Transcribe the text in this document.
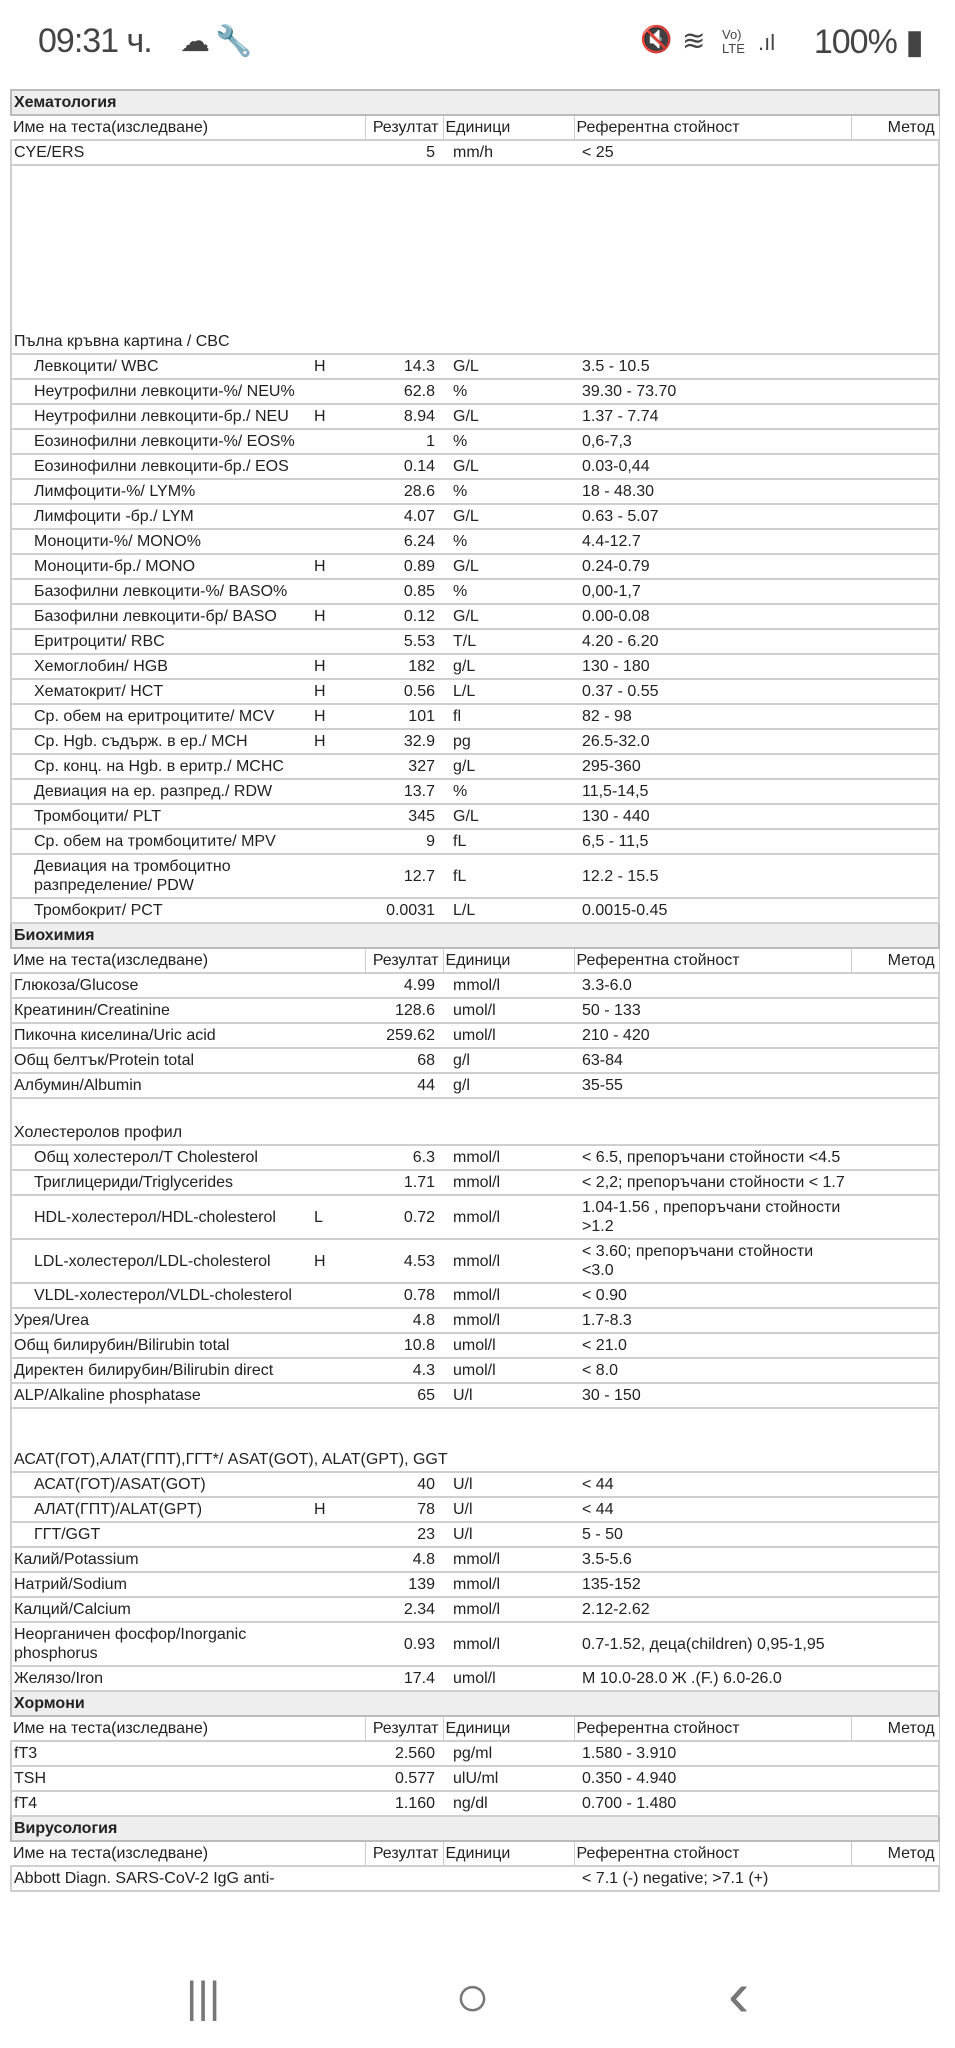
09:31 ч. ☁ 🔧	🔇 ≋ Vo)
LTE .ıl 100% ▮
Хематология					
Име на теста(изследване)		Резултат	Единици	Референтна стойност	Метод
CYE/ERS		5	mm/h	< 25	
Пълна кръвна картина / CBC					
Левкоцити/ WBC	H	14.3	G/L	3.5 - 10.5	
Неутрофилни левкоцити-%/ NEU%		62.8	%	39.30 - 73.70	
Неутрофилни левкоцити-бр./ NEU	H	8.94	G/L	1.37 - 7.74	
Еозинофилни левкоцити-%/ EOS%		1	%	0,6-7,3	
Еозинофилни левкоцити-бр./ EOS		0.14	G/L	0.03-0,44	
Лимфоцити-%/ LYM%		28.6	%	18 - 48.30	
Лимфоцити -бр./ LYM		4.07	G/L	0.63 - 5.07	
Моноцити-%/ MONO%		6.24	%	4.4-12.7	
Моноцити-бр./ MONO	H	0.89	G/L	0.24-0.79	
Базофилни левкоцити-%/ BASO%		0.85	%	0,00-1,7	
Базофилни левкоцити-бр/ BASO	H	0.12	G/L	0.00-0.08	
Еритроцити/ RBC		5.53	T/L	4.20 - 6.20	
Хемоглобин/ HGB	H	182	g/L	130 - 180	
Хематокрит/ HCT	H	0.56	L/L	0.37 - 0.55	
Ср. обем на еритроцитите/ MCV	H	101	fl	82 - 98	
Ср. Hgb. съдърж. в ер./ MCH	H	32.9	pg	26.5-32.0	
Ср. конц. на Hgb. в еритр./ MCHC		327	g/L	295-360	
Девиация на ер. разпред./ RDW		13.7	%	11,5-14,5	
Тромбоцити/ PLT		345	G/L	130 - 440	
Ср. обем на тромбоцитите/ MPV		9	fL	6,5 - 11,5	
Девиация на тромбоцитно разпределение/ PDW		12.7	fL	12.2 - 15.5	
Тромбокрит/ PCT		0.0031	L/L	0.0015-0.45	
Биохимия					
Име на теста(изследване)		Резултат	Единици	Референтна стойност	Метод
Глюкоза/Glucose		4.99	mmol/l	3.3-6.0	
Креатинин/Creatinine		128.6	umol/l	50 - 133	
Пикочна киселина/Uric acid		259.62	umol/l	210 - 420	
Общ белтък/Protein total		68	g/l	63-84	
Албумин/Albumin		44	g/l	35-55	
Холестеролов профил					
Общ холестерол/T Cholesterol		6.3	mmol/l	< 6.5, препоръчани стойности <4.5	
Триглицериди/Triglycerides		1.71	mmol/l	< 2,2; препоръчани стойности < 1.7	
HDL-холестерол/HDL-cholesterol	L	0.72	mmol/l	1.04-1.56 , препоръчани стойности >1.2	
LDL-холестерол/LDL-cholesterol	H	4.53	mmol/l	< 3.60; препоръчани стойности <3.0	
VLDL-холестерол/VLDL-cholesterol		0.78	mmol/l	< 0.90	
Урея/Urea		4.8	mmol/l	1.7-8.3	
Общ билирубин/Bilirubin total		10.8	umol/l	< 21.0	
Директен билирубин/Bilirubin direct		4.3	umol/l	< 8.0	
ALP/Alkaline phosphatase		65	U/l	30 - 150	
АСАТ(ГОТ),АЛАТ(ГПТ),ГГТ*/ ASAT(GOT), ALAT(GPT), GGT					
АСАТ(ГОТ)/ASAT(GOT)		40	U/l	< 44	
АЛАТ(ГПТ)/ALAT(GPT)	H	78	U/l	< 44	
ГГТ/GGT		23	U/l	5 - 50	
Калий/Potassium		4.8	mmol/l	3.5-5.6	
Натрий/Sodium		139	mmol/l	135-152	
Калций/Calcium		2.34	mmol/l	2.12-2.62	
Неорганичен фосфор/Inorganic phosphorus		0.93	mmol/l	0.7-1.52, деца(children) 0,95-1,95	
Желязо/Iron		17.4	umol/l	M 10.0-28.0 Ж .(F.) 6.0-26.0	
Хормони					
Име на теста(изследване)		Резултат	Единици	Референтна стойност	Метод
fT3		2.560	pg/ml	1.580 - 3.910	
TSH		0.577	ulU/ml	0.350 - 4.940	
fT4		1.160	ng/dl	0.700 - 1.480	
Вирусология					
Име на теста(изследване)		Резултат	Единици	Референтна стойност	Метод
Abbott Diagn. SARS-CoV-2 IgG anti-				< 7.1 (-) negative; >7.1 (+)	
|||	○	‹
